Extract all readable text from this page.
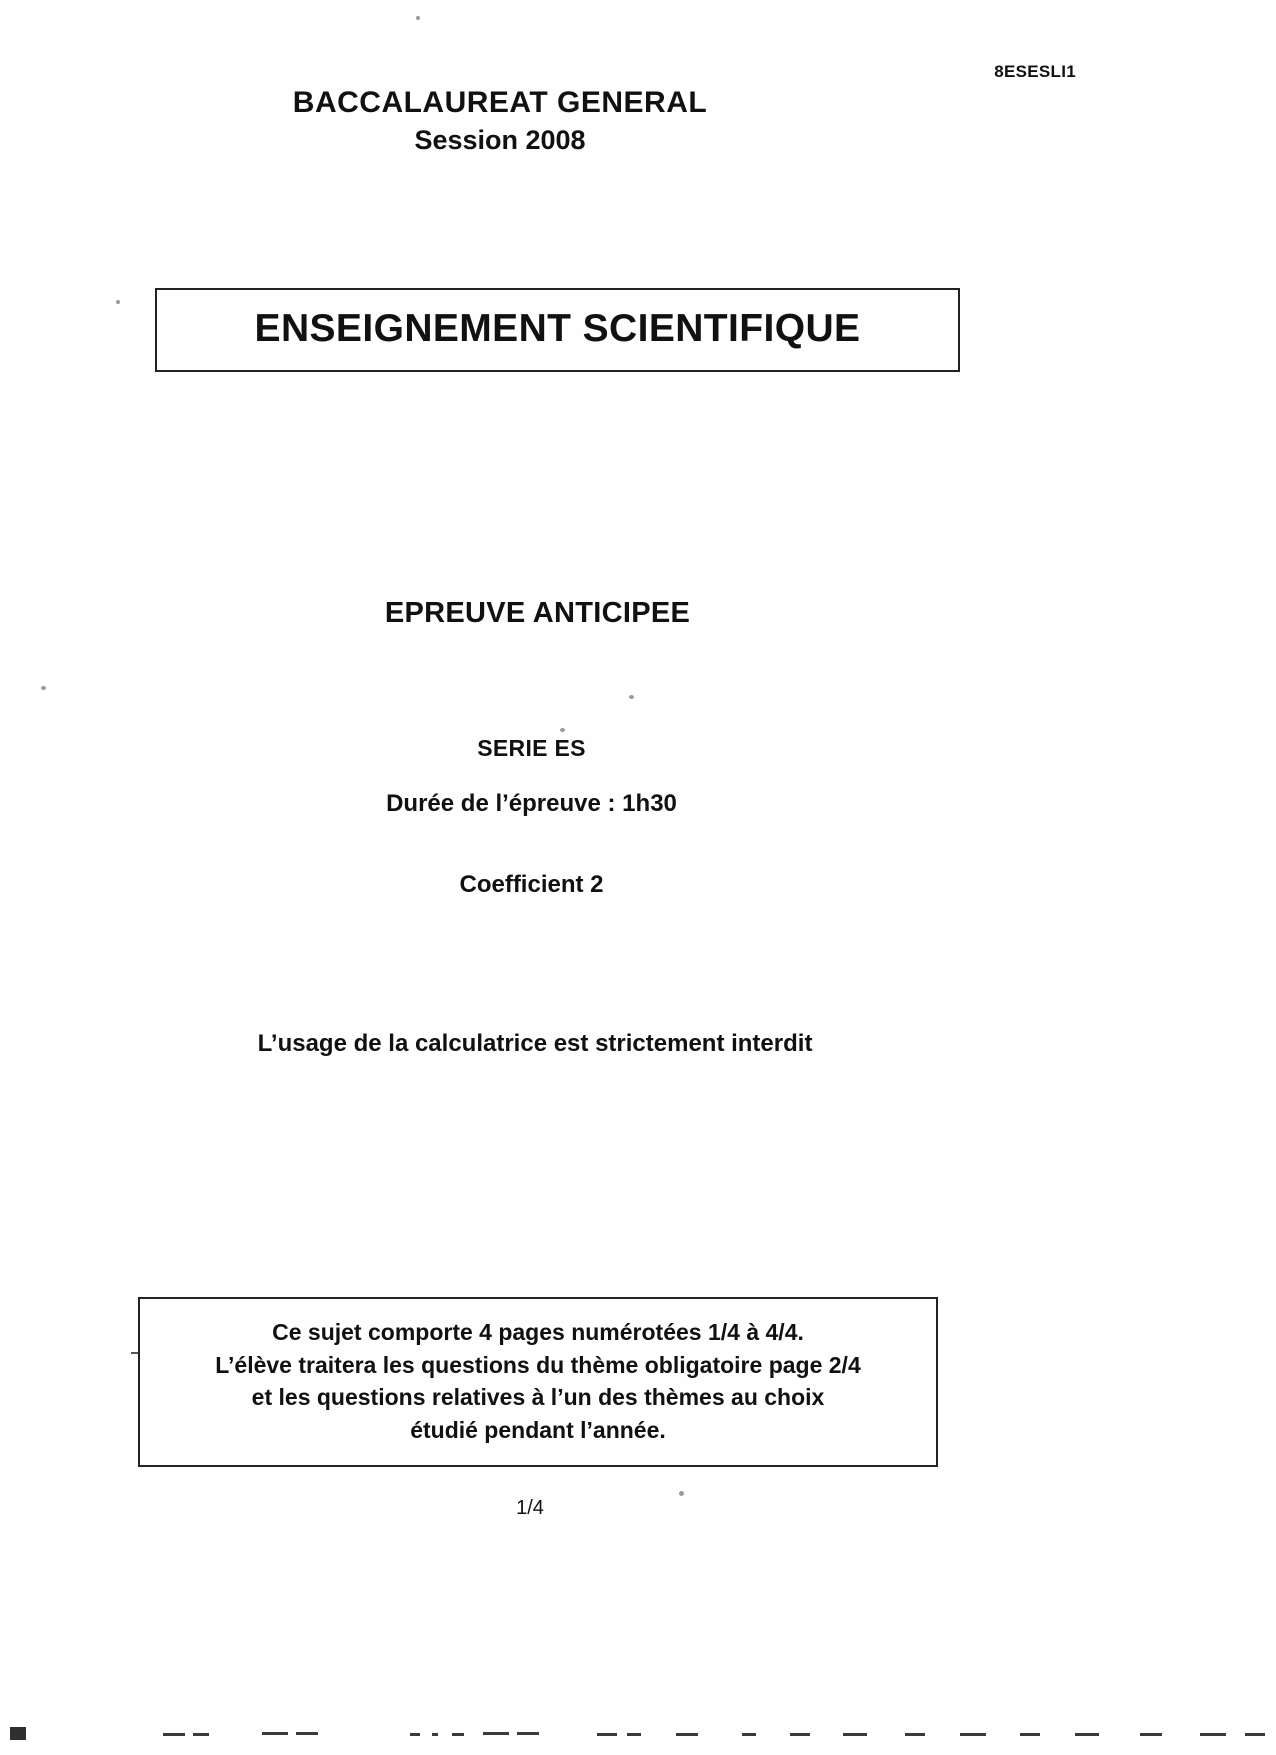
8ESESLI1
BACCALAUREAT GENERAL
Session 2008
ENSEIGNEMENT SCIENTIFIQUE
EPREUVE ANTICIPEE
SERIE ES
Durée de l’épreuve : 1h30
Coefficient 2
L’usage de la calculatrice est strictement interdit
Ce sujet comporte 4 pages numérotées 1/4 à 4/4.
L’élève traitera les questions du thème obligatoire page 2/4
et les questions relatives à l’un des thèmes au choix
étudié pendant l’année.
1/4
